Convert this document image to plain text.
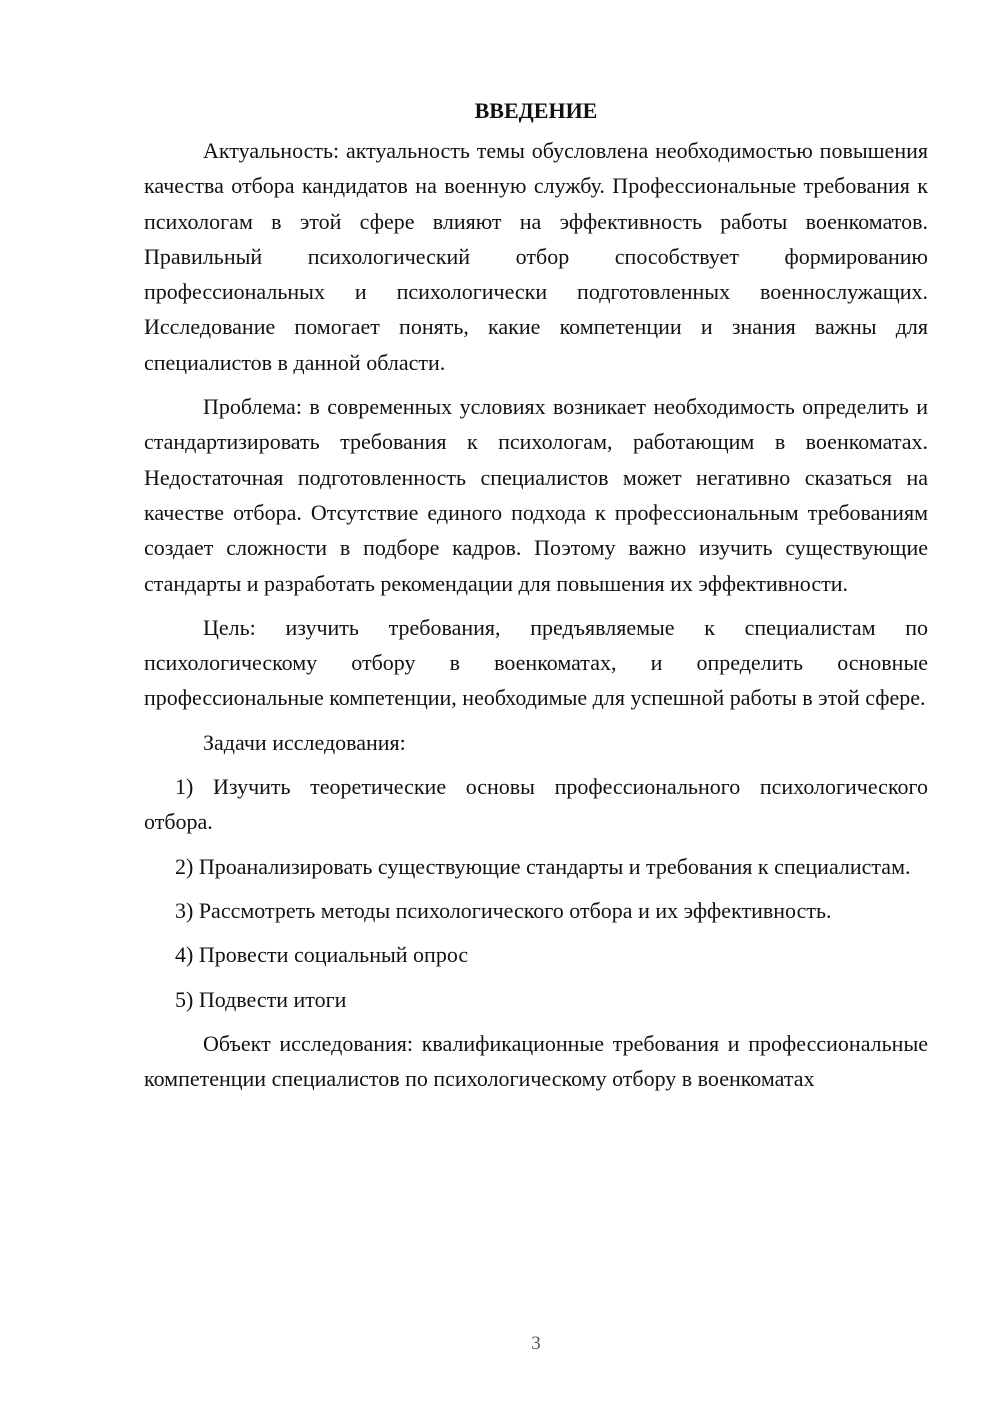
ВВЕДЕНИЕ

Актуальность: актуальность темы обусловлена необходимостью повышения качества отбора кандидатов на военную службу. Профессиональные требования к психологам в этой сфере влияют на эффективность работы военкоматов. Правильный психологический отбор способствует формированию профессиональных и психологически подготовленных военнослужащих. Исследование помогает понять, какие компетенции и знания важны для специалистов в данной области.

Проблема: в современных условиях возникает необходимость определить и стандартизировать требования к психологам, работающим в военкоматах. Недостаточная подготовленность специалистов может негативно сказаться на качестве отбора. Отсутствие единого подхода к профессиональным требованиям создает сложности в подборе кадров. Поэтому важно изучить существующие стандарты и разработать рекомендации для повышения их эффективности.

Цель: изучить требования, предъявляемые к специалистам по психологическому отбору в военкоматах, и определить основные профессиональные компетенции, необходимые для успешной работы в этой сфере.

Задачи исследования:

1) Изучить теоретические основы профессионального психологического отбора.

2) Проанализировать существующие стандарты и требования к специалистам.

3) Рассмотреть методы психологического отбора и их эффективность.

4) Провести социальный опрос

5) Подвести итоги

Объект исследования: квалификационные требования и профессиональные компетенции специалистов по психологическому отбору в военкоматах

3
